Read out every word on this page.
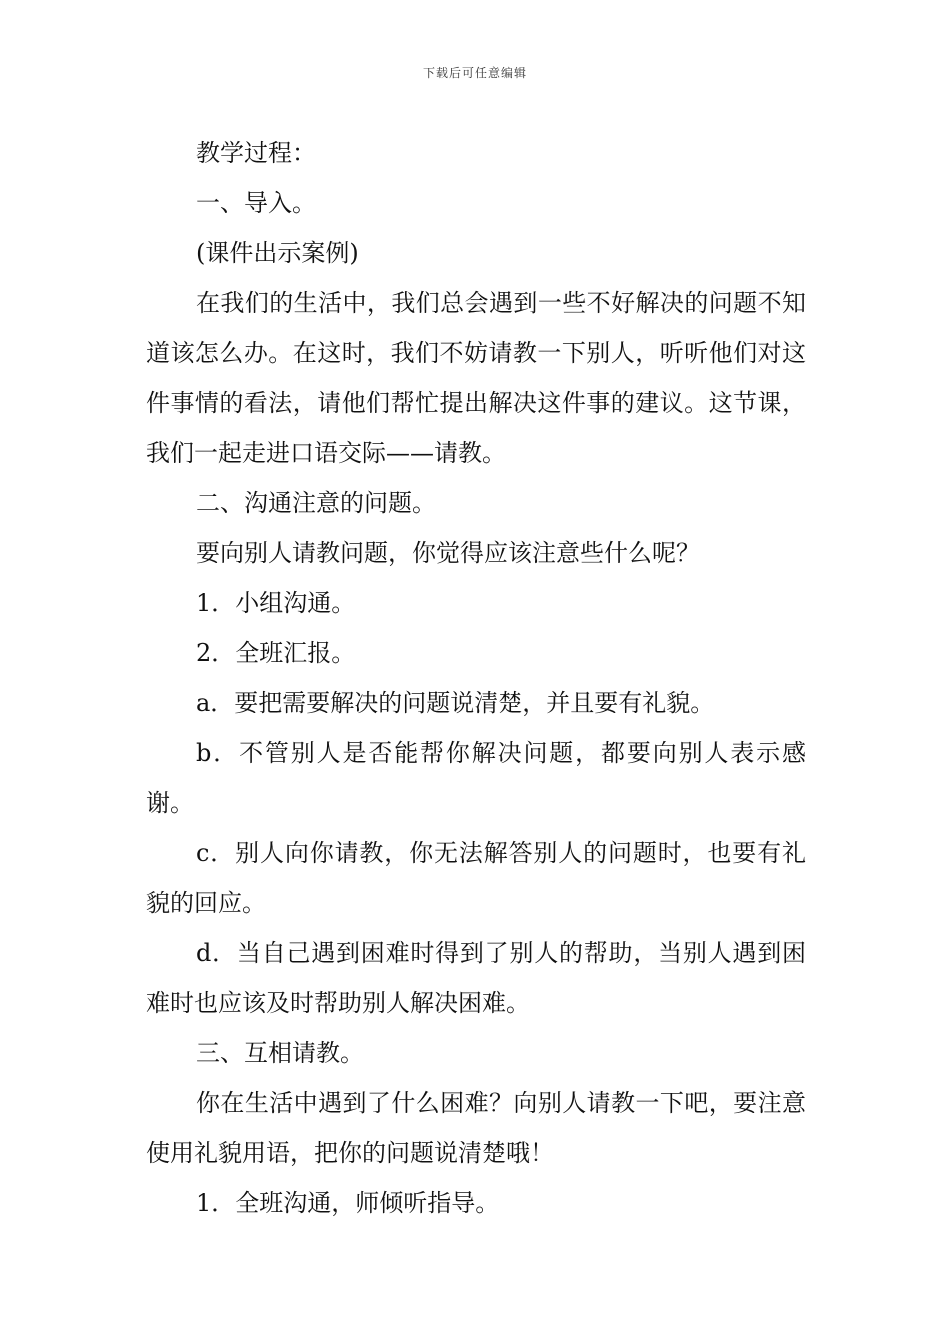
下载后可任意编辑

教学过程：

一、导入。

(课件出示案例)

在我们的生活中，我们总会遇到一些不好解决的问题不知道该怎么办。在这时，我们不妨请教一下别人，听听他们对这件事情的看法，请他们帮忙提出解决这件事的建议。这节课，我们一起走进口语交际——请教。

二、沟通注意的问题。

要向别人请教问题，你觉得应该注意些什么呢？

1．小组沟通。

2．全班汇报。

a．要把需要解决的问题说清楚，并且要有礼貌。

b．不管别人是否能帮你解决问题，都要向别人表示感谢。

c．别人向你请教，你无法解答别人的问题时，也要有礼貌的回应。

d．当自己遇到困难时得到了别人的帮助，当别人遇到困难时也应该及时帮助别人解决困难。

三、互相请教。

你在生活中遇到了什么困难？向别人请教一下吧，要注意使用礼貌用语，把你的问题说清楚哦！

1．全班沟通，师倾听指导。
